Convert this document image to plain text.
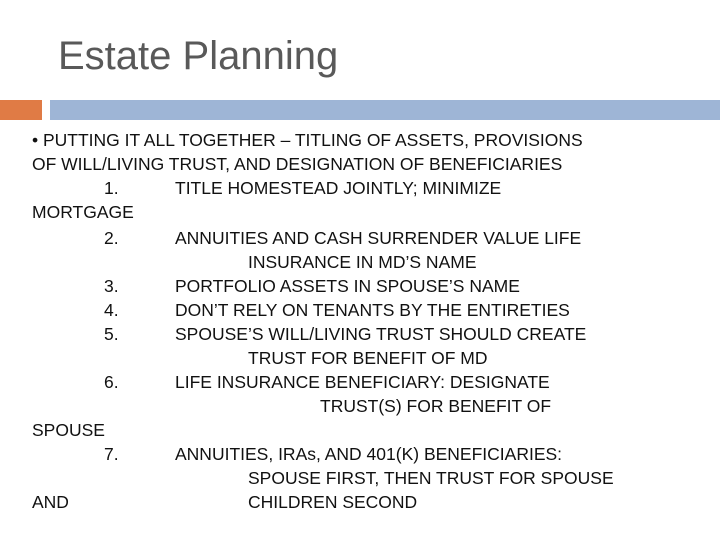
Estate Planning
• PUTTING IT ALL TOGETHER – TITLING OF ASSETS, PROVISIONS
OF WILL/LIVING TRUST, AND DESIGNATION OF BENEFICIARIES
1.	TITLE HOMESTEAD JOINTLY; MINIMIZE
MORTGAGE
2.	ANNUITIES AND CASH SURRENDER VALUE LIFE
INSURANCE IN MD’S NAME
3.	PORTFOLIO ASSETS IN SPOUSE’S NAME
4.	DON’T RELY ON TENANTS BY THE ENTIRETIES
5.	SPOUSE’S WILL/LIVING TRUST SHOULD CREATE
TRUST FOR BENEFIT OF MD
6.	LIFE INSURANCE BENEFICIARY: DESIGNATE
TRUST(S) FOR BENEFIT OF
SPOUSE
7.	ANNUITIES, IRAs, AND 401(K) BENEFICIARIES:
SPOUSE FIRST, THEN TRUST FOR SPOUSE
AND	CHILDREN SECOND
